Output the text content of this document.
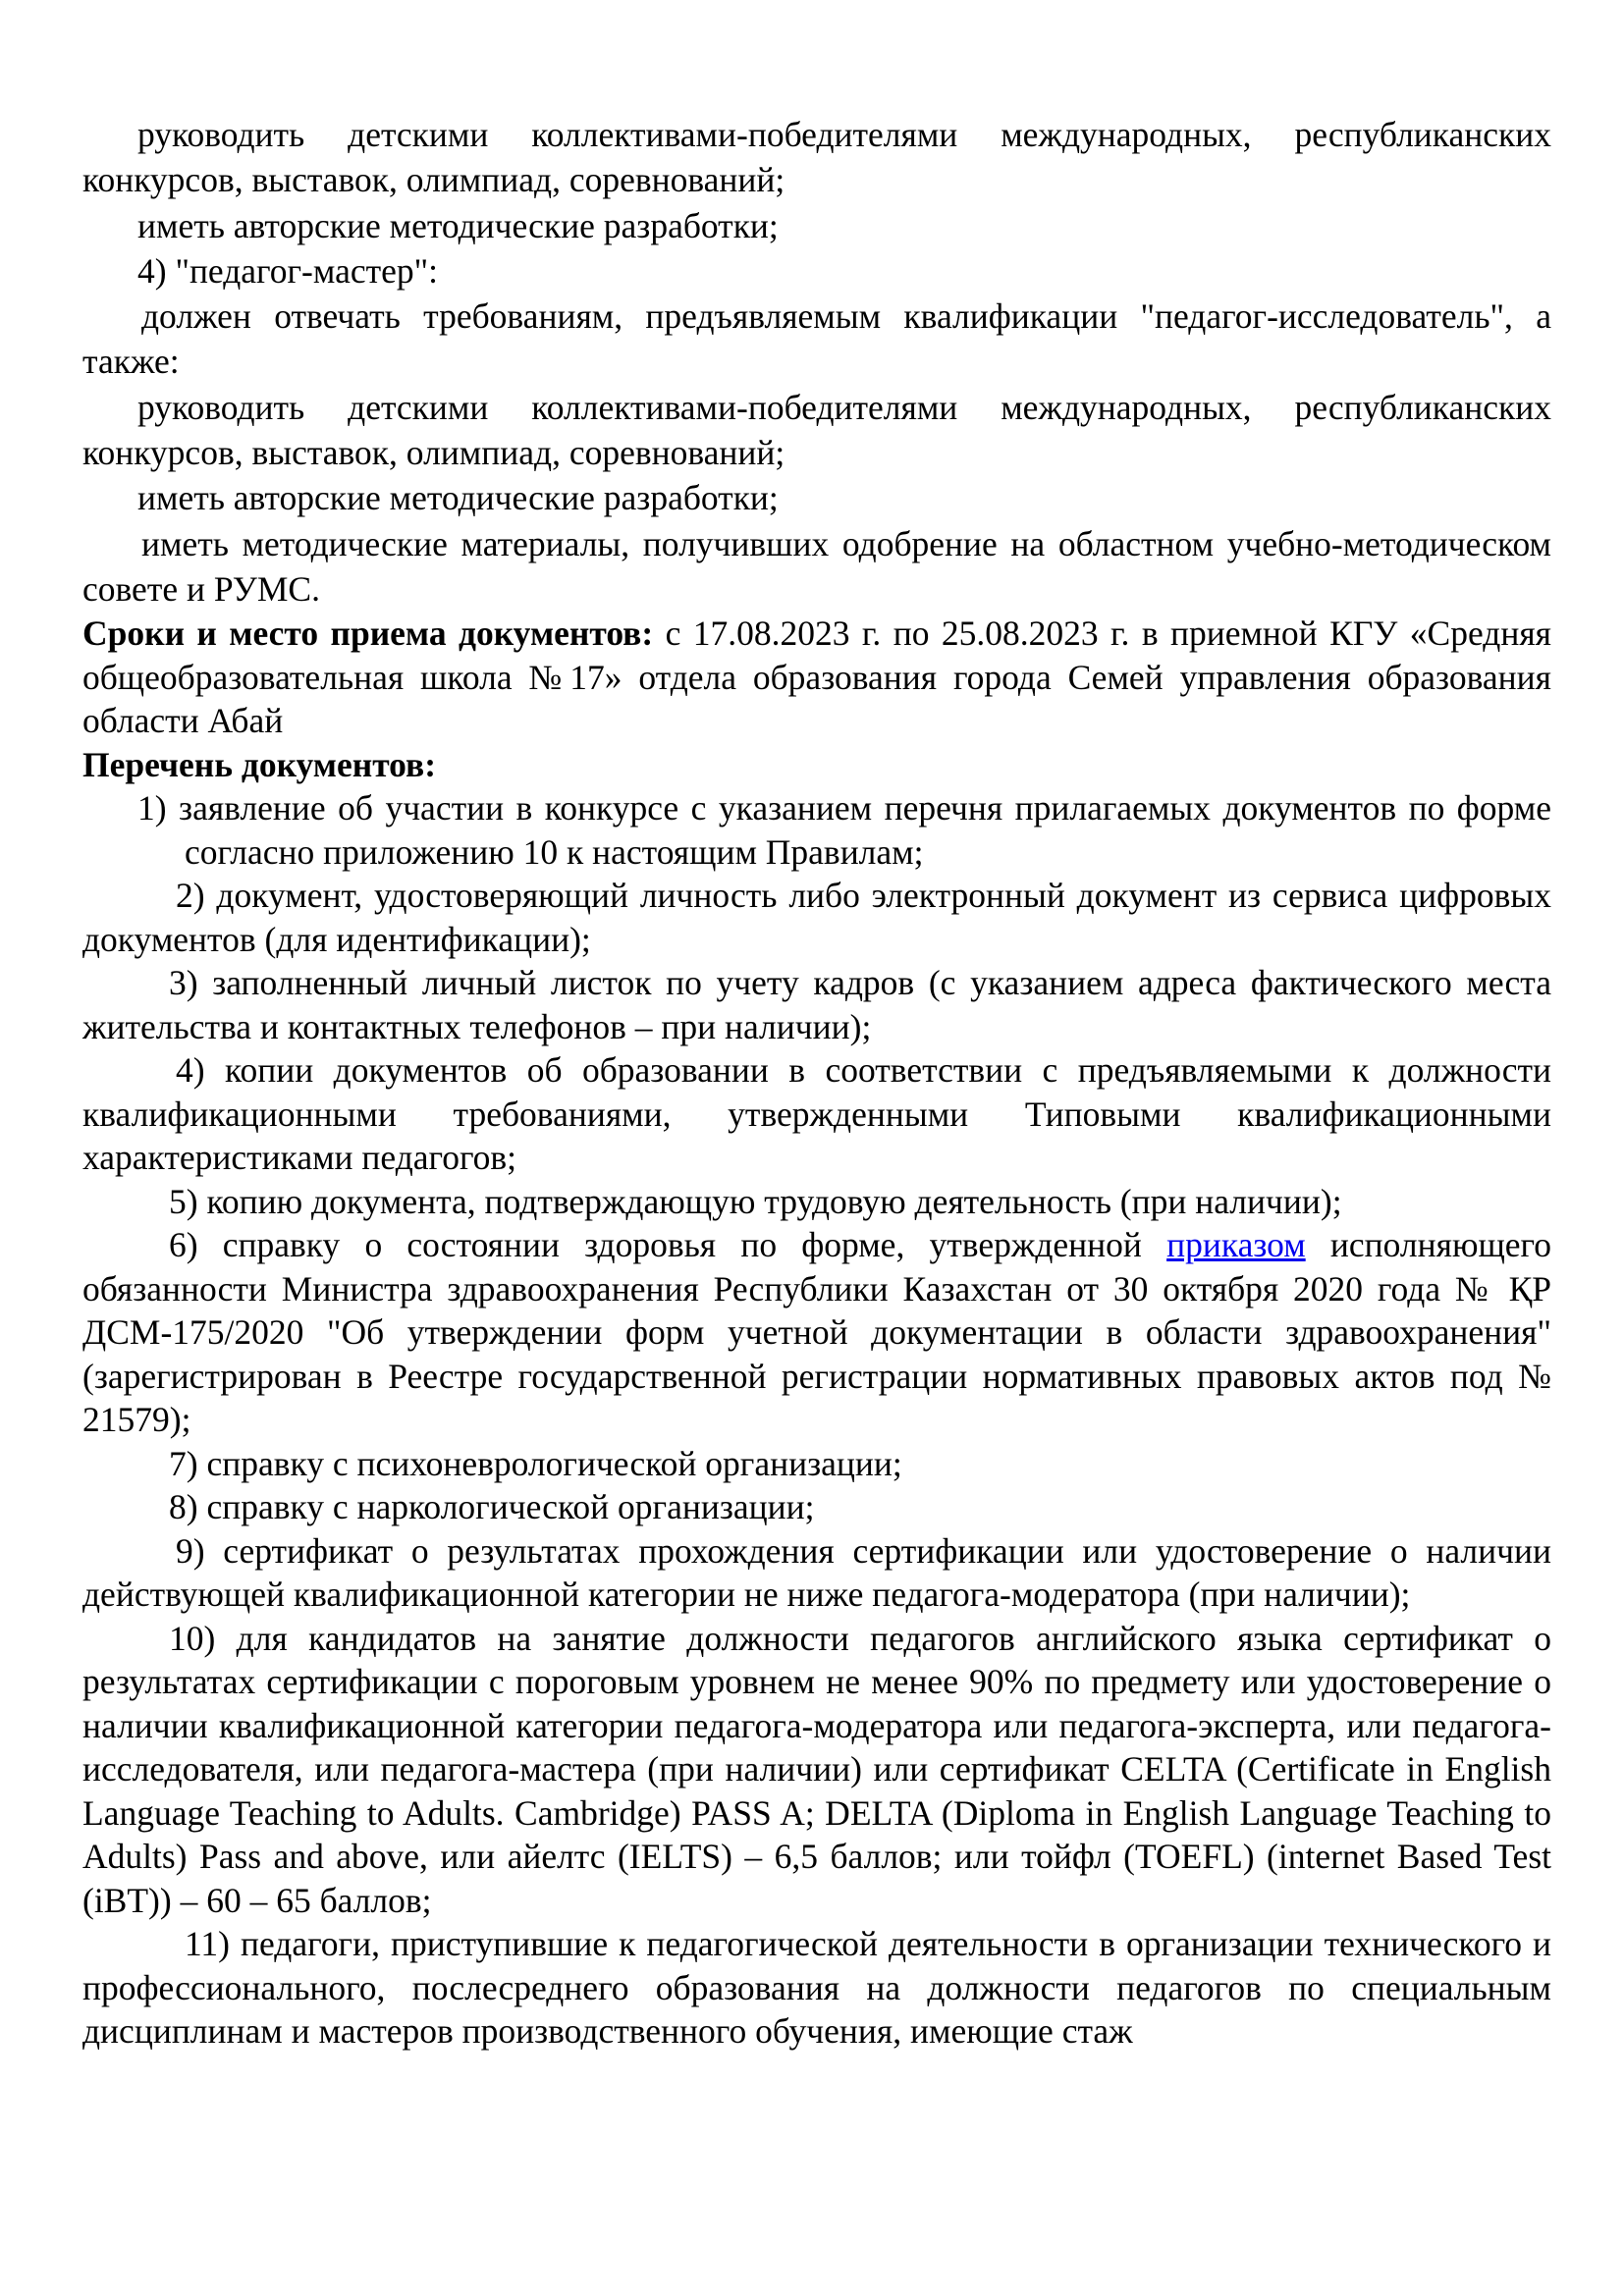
руководить детскими коллективами-победителями международных, республиканских конкурсов, выставок, олимпиад, соревнований;

иметь авторские методические разработки;

4) "педагог-мастер":

должен отвечать требованиям, предъявляемым квалификации "педагог-исследователь", а также:

руководить детскими коллективами-победителями международных, республиканских конкурсов, выставок, олимпиад, соревнований;

иметь авторские методические разработки;

иметь методические материалы, получивших одобрение на областном учебно-методическом совете и РУМС.

Сроки и место приема документов: с 17.08.2023 г. по 25.08.2023 г. в приемной КГУ «Средняя общеобразовательная школа №17» отдела образования города Семей управления образования области Абай

Перечень документов:

1) заявление об участии в конкурсе с указанием перечня прилагаемых документов по форме согласно приложению 10 к настоящим Правилам;

2) документ, удостоверяющий личность либо электронный документ из сервиса цифровых документов (для идентификации);

3) заполненный личный листок по учету кадров (с указанием адреса фактического места жительства и контактных телефонов – при наличии);

4) копии документов об образовании в соответствии с предъявляемыми к должности квалификационными требованиями, утвержденными Типовыми квалификационными характеристиками педагогов;

5) копию документа, подтверждающую трудовую деятельность (при наличии);

6) справку о состоянии здоровья по форме, утвержденной приказом исполняющего обязанности Министра здравоохранения Республики Казахстан от 30 октября 2020 года № ҚР ДСМ-175/2020 "Об утверждении форм учетной документации в области здравоохранения" (зарегистрирован в Реестре государственной регистрации нормативных правовых актов под № 21579);

7) справку с психоневрологической организации;

8) справку с наркологической организации;

9) сертификат о результатах прохождения сертификации или удостоверение о наличии действующей квалификационной категории не ниже педагога-модератора (при наличии);

10) для кандидатов на занятие должности педагогов английского языка сертификат о результатах сертификации с пороговым уровнем не менее 90% по предмету или удостоверение о наличии квалификационной категории педагога-модератора или педагога-эксперта, или педагога-исследователя, или педагога-мастера (при наличии) или сертификат CELTA (Certificate in English Language Teaching to Adults. Cambridge) PASS A; DELTA (Diploma in English Language Teaching to Adults) Pass and above, или айелтс (IELTS) – 6,5 баллов; или тойфл (TOEFL) (internet Based Test (iBT)) – 60 – 65 баллов;

11) педагоги, приступившие к педагогической деятельности в организации технического и профессионального, послесреднего образования на должности педагогов по специальным дисциплинам и мастеров производственного обучения, имеющие стаж
